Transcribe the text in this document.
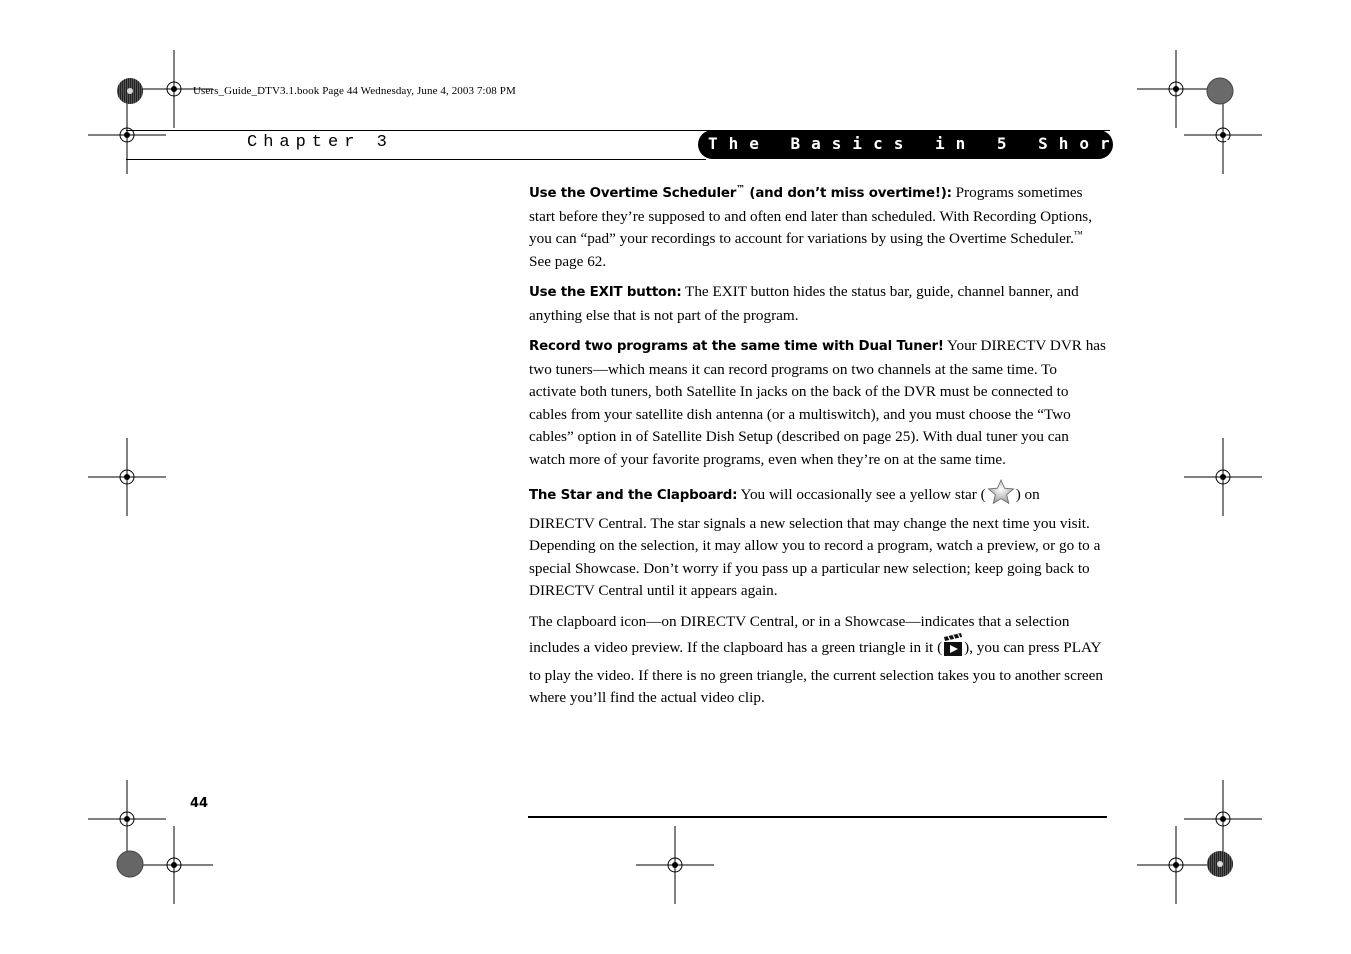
Users_Guide_DTV3.1.book Page 44 Wednesday, June 4, 2003 7:08 PM
Chapter 3	The Basics in 5 Short Tours

Use the Overtime Scheduler™ (and don’t miss overtime!): Programs sometimes start before they’re supposed to and often end later than scheduled. With Recording Options, you can “pad” your recordings to account for variations by using the Overtime Scheduler.™ See page 62.

Use the EXIT button: The EXIT button hides the status bar, guide, channel banner, and anything else that is not part of the program.

Record two programs at the same time with Dual Tuner! Your DIRECTV DVR has two tuners—which means it can record programs on two channels at the same time. To activate both tuners, both Satellite In jacks on the back of the DVR must be connected to cables from your satellite dish antenna (or a multiswitch), and you must choose the “Two cables” option in of Satellite Dish Setup (described on page 25). With dual tuner you can watch more of your favorite programs, even when they’re on at the same time.

The Star and the Clapboard: You will occasionally see a yellow star ( ) on DIRECTV Central. The star signals a new selection that may change the next time you visit. Depending on the selection, it may allow you to record a program, watch a preview, or go to a special Showcase. Don’t worry if you pass up a particular new selection; keep going back to DIRECTV Central until it appears again.

The clapboard icon—on DIRECTV Central, or in a Showcase—indicates that a selection includes a video preview. If the clapboard has a green triangle in it ( ), you can press PLAY to play the video. If there is no green triangle, the current selection takes you to another screen where you’ll find the actual video clip.

44
